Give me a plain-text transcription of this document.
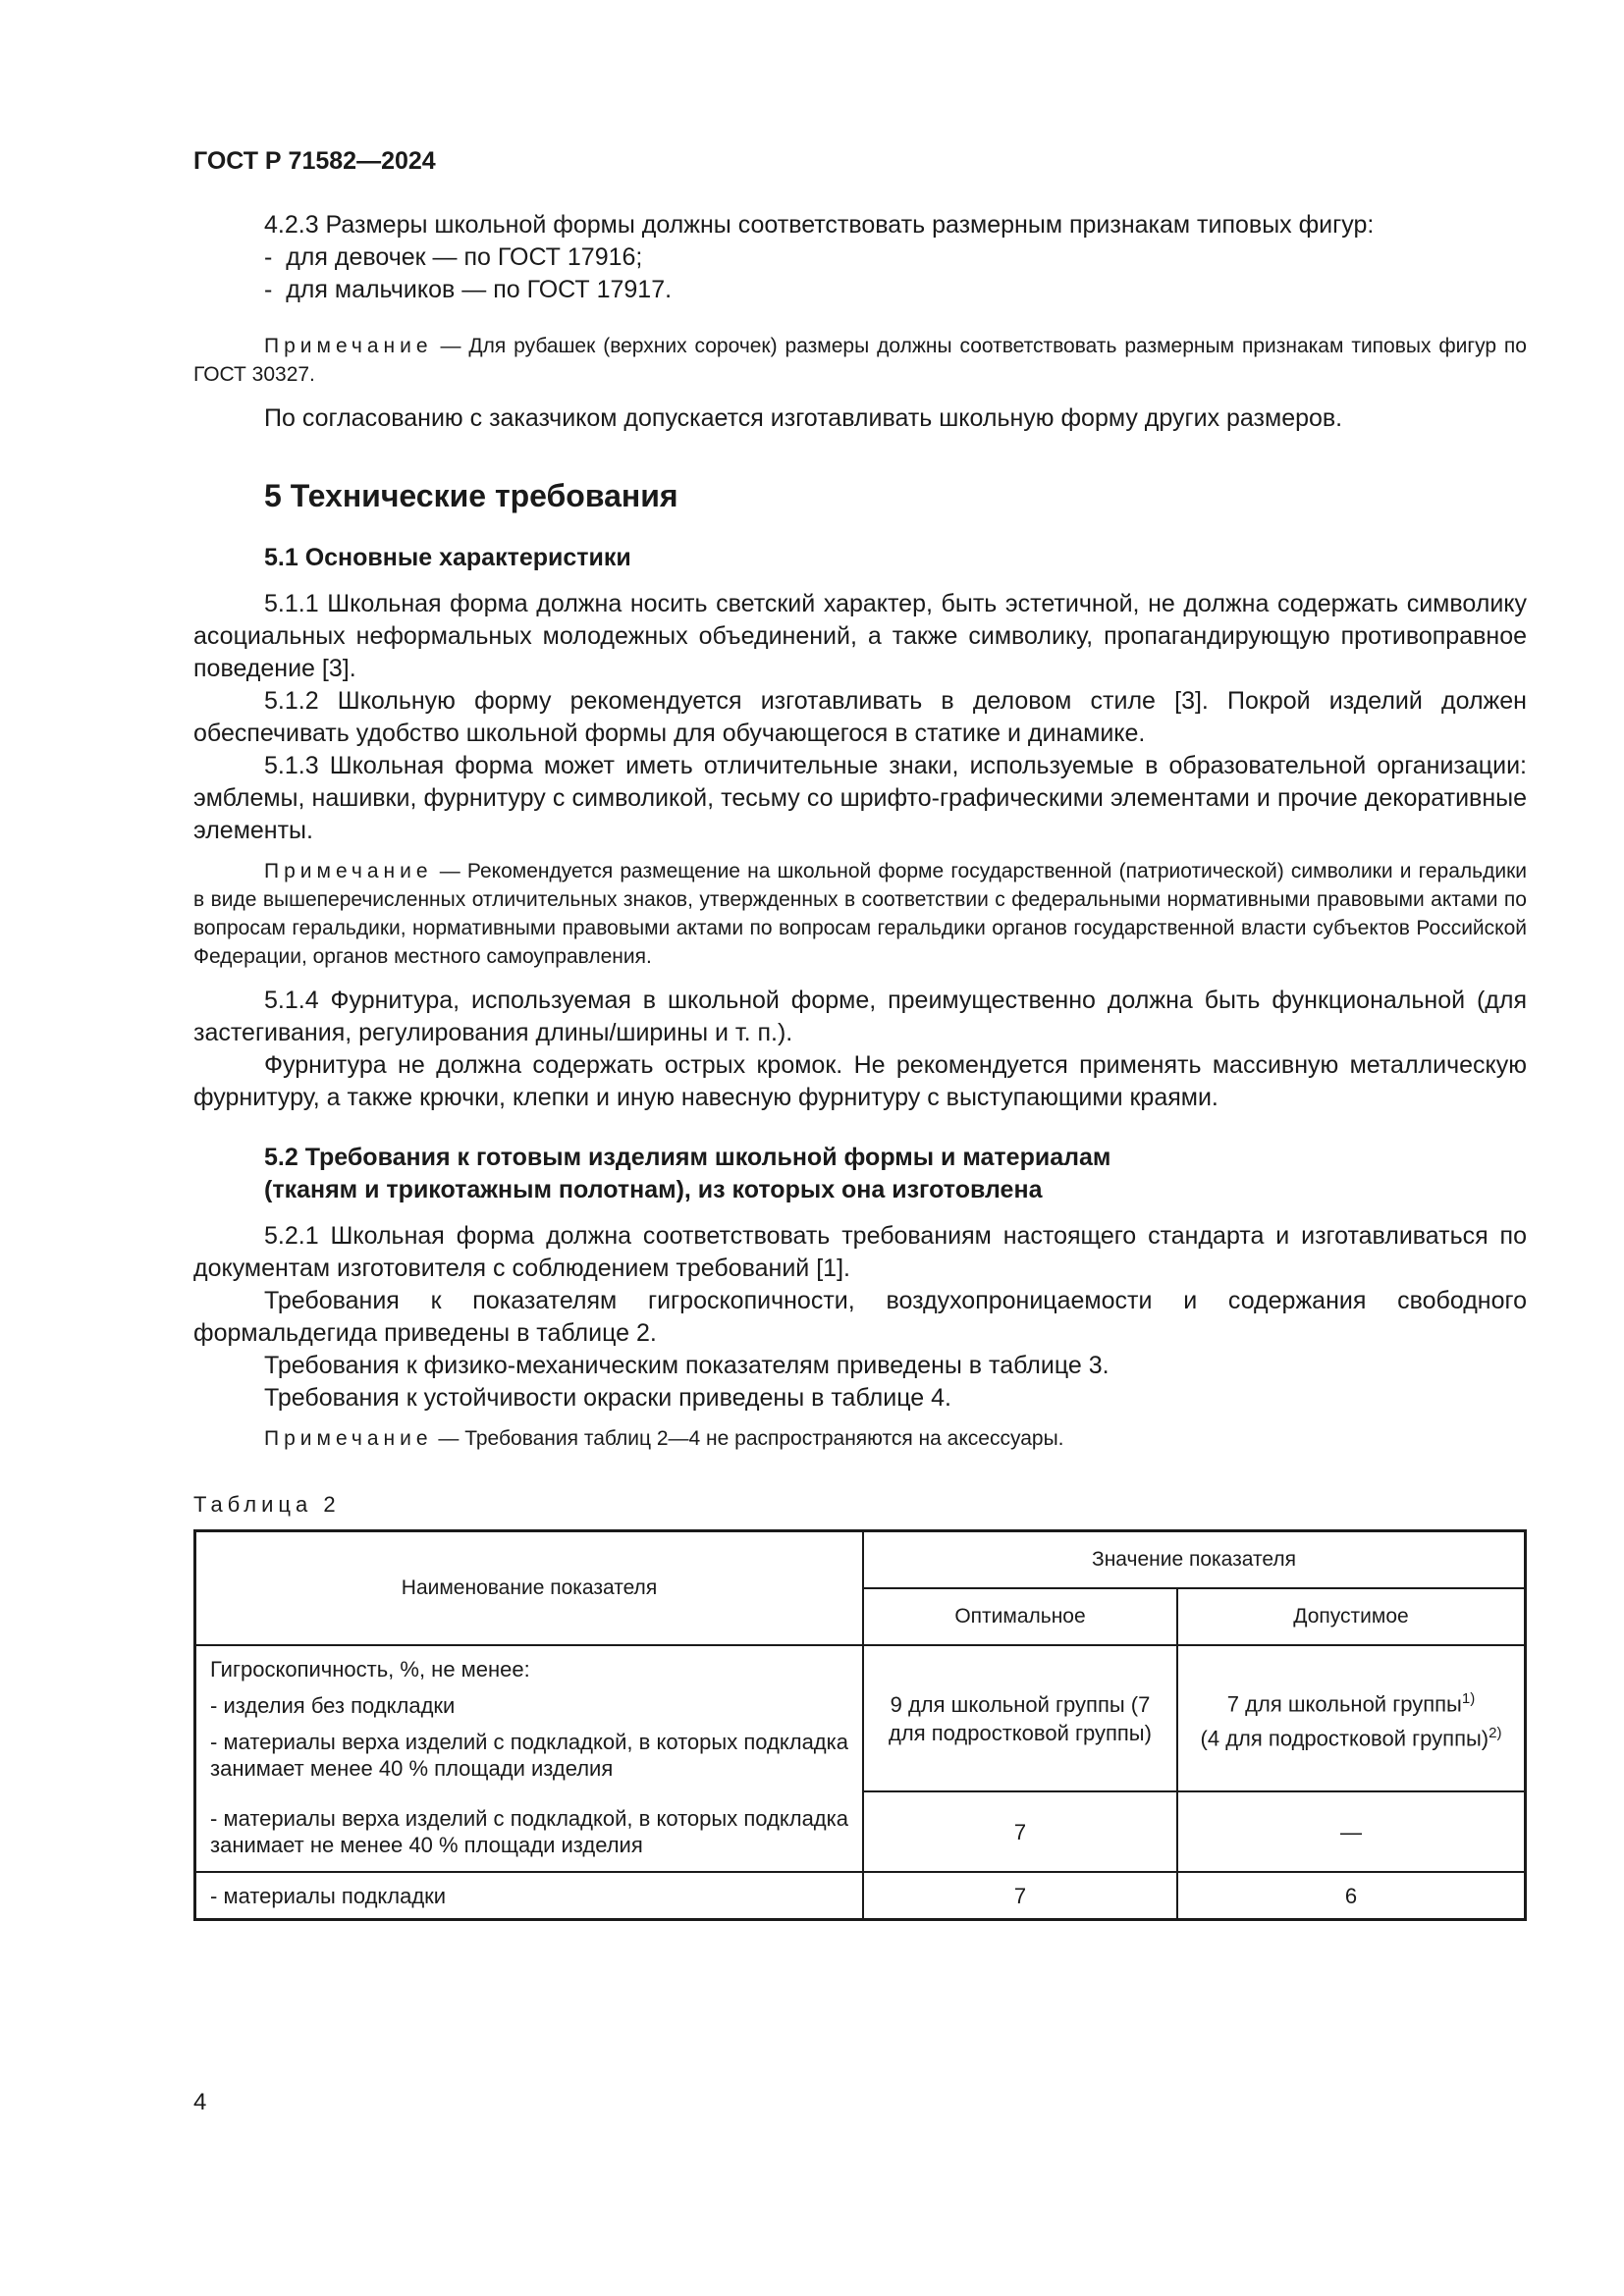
ГОСТ Р 71582—2024

4.2.3 Размеры школьной формы должны соответствовать размерным признакам типовых фигур:

-  для девочек — по ГОСТ 17916;

-  для мальчиков — по ГОСТ 17917.

Примечание — Для рубашек (верхних сорочек) размеры должны соответствовать размерным признакам типовых фигур по ГОСТ 30327.

По согласованию с заказчиком допускается изготавливать школьную форму других размеров.

5 Технические требования
5.1 Основные характеристики

5.1.1 Школьная форма должна носить светский характер, быть эстетичной, не должна содержать символику асоциальных неформальных молодежных объединений, а также символику, пропагандирующую противоправное поведение [3].

5.1.2 Школьную форму рекомендуется изготавливать в деловом стиле [3]. Покрой изделий должен обеспечивать удобство школьной формы для обучающегося в статике и динамике.

5.1.3 Школьная форма может иметь отличительные знаки, используемые в образовательной организации: эмблемы, нашивки, фурнитуру с символикой, тесьму со шрифто-графическими элементами и прочие декоративные элементы.

Примечание — Рекомендуется размещение на школьной форме государственной (патриотической) символики и геральдики в виде вышеперечисленных отличительных знаков, утвержденных в соответствии с федеральными нормативными правовыми актами по вопросам геральдики, нормативными правовыми актами по вопросам геральдики органов государственной власти субъектов Российской Федерации, органов местного самоуправления.

5.1.4 Фурнитура, используемая в школьной форме, преимущественно должна быть функциональной (для застегивания, регулирования длины/ширины и т. п.).

Фурнитура не должна содержать острых кромок. Не рекомендуется применять массивную металлическую фурнитуру, а также крючки, клепки и иную навесную фурнитуру с выступающими краями.

5.2 Требования к готовым изделиям школьной формы и материалам
(тканям и трикотажным полотнам), из которых она изготовлена

5.2.1 Школьная форма должна соответствовать требованиям настоящего стандарта и изготавливаться по документам изготовителя с соблюдением требований [1].

Требования к показателям гигроскопичности, воздухопроницаемости и содержания свободного формальдегида приведены в таблице 2.

Требования к физико-механическим показателям приведены в таблице 3.

Требования к устойчивости окраски приведены в таблице 4.

Примечание — Требования таблиц 2—4 не распространяются на аксессуары.

Таблица 2
Наименование показателя	Значение показателя	
	Оптимальное	Допустимое

Гигроскопичность, %, не менее:
- изделия без подкладки
- материалы верха изделий с подкладкой, в которых подкладка занимает менее 40 % площади изделия	9 для школьной группы (7 для подростковой группы)	7 для школьной группы$^{1)}$
(4 для подростковой группы)$^{2)}$
- материалы верха изделий с подкладкой, в которых подкладка занимает не менее 40 % площади изделия	7	—
- материалы подкладки	7	6
4
